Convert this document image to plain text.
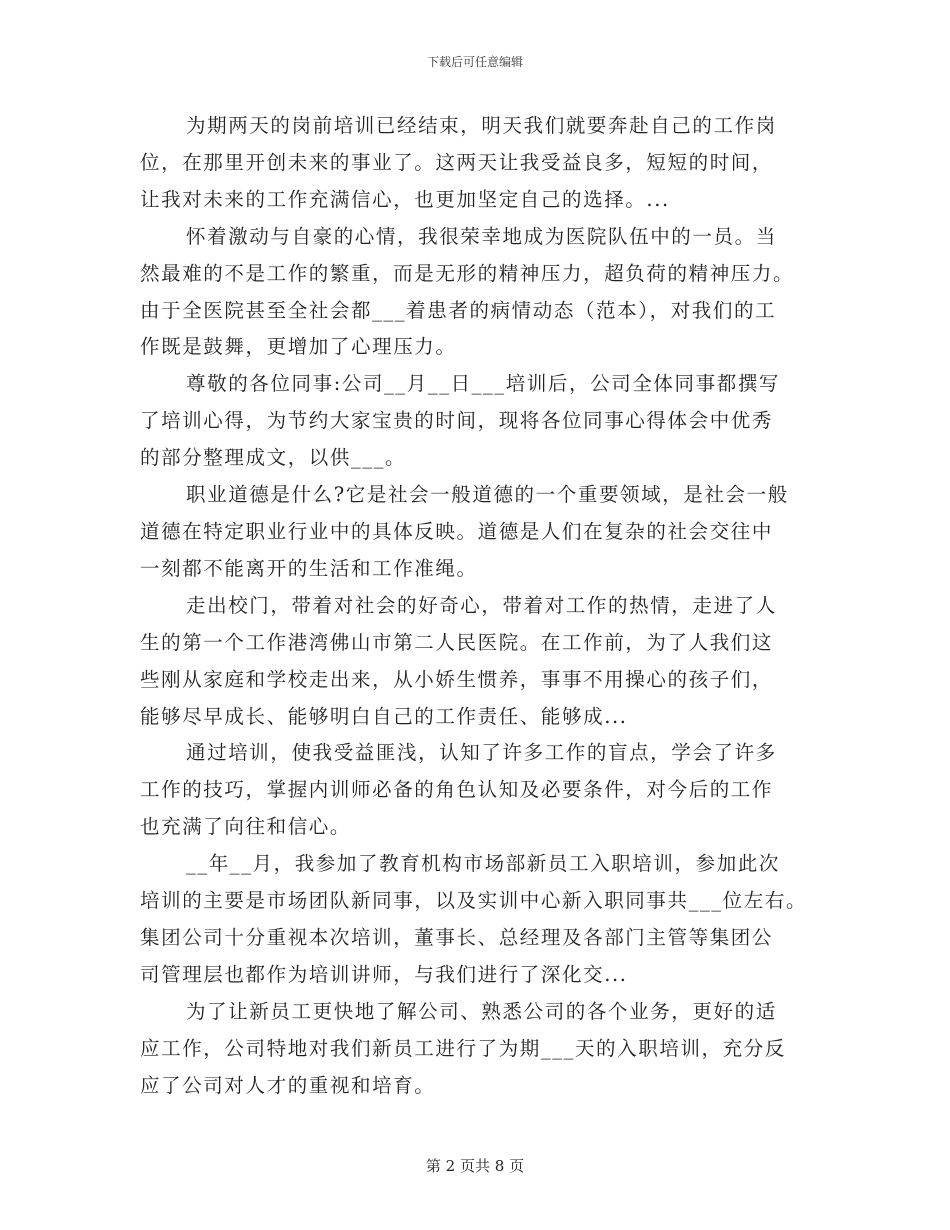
下载后可任意编辑
为期两天的岗前培训已经结束，明天我们就要奔赴自己的工作岗
位，在那里开创未来的事业了。这两天让我受益良多，短短的时间，
让我对未来的工作充满信心，也更加坚定自己的选择。...
怀着激动与自豪的心情，我很荣幸地成为医院队伍中的一员。当
然最难的不是工作的繁重，而是无形的精神压力，超负荷的精神压力。
由于全医院甚至全社会都___着患者的病情动态（范本），对我们的工
作既是鼓舞，更增加了心理压力。
尊敬的各位同事:公司__月__日___培训后，公司全体同事都撰写
了培训心得，为节约大家宝贵的时间，现将各位同事心得体会中优秀
的部分整理成文，以供___。
职业道德是什么?它是社会一般道德的一个重要领域，是社会一般
道德在特定职业行业中的具体反映。道德是人们在复杂的社会交往中
一刻都不能离开的生活和工作准绳。
走出校门，带着对社会的好奇心，带着对工作的热情，走进了人
生的第一个工作港湾佛山市第二人民医院。在工作前，为了人我们这
些刚从家庭和学校走出来，从小娇生惯养，事事不用操心的孩子们，
能够尽早成长、能够明白自己的工作责任、能够成...
通过培训，使我受益匪浅，认知了许多工作的盲点，学会了许多
工作的技巧，掌握内训师必备的角色认知及必要条件，对今后的工作
也充满了向往和信心。
__年__月，我参加了教育机构市场部新员工入职培训，参加此次
培训的主要是市场团队新同事，以及实训中心新入职同事共___位左右。
集团公司十分重视本次培训，董事长、总经理及各部门主管等集团公
司管理层也都作为培训讲师，与我们进行了深化交...
为了让新员工更快地了解公司、熟悉公司的各个业务，更好的适
应工作，公司特地对我们新员工进行了为期___天的入职培训，充分反
应了公司对人才的重视和培育。
第 2 页共 8 页
